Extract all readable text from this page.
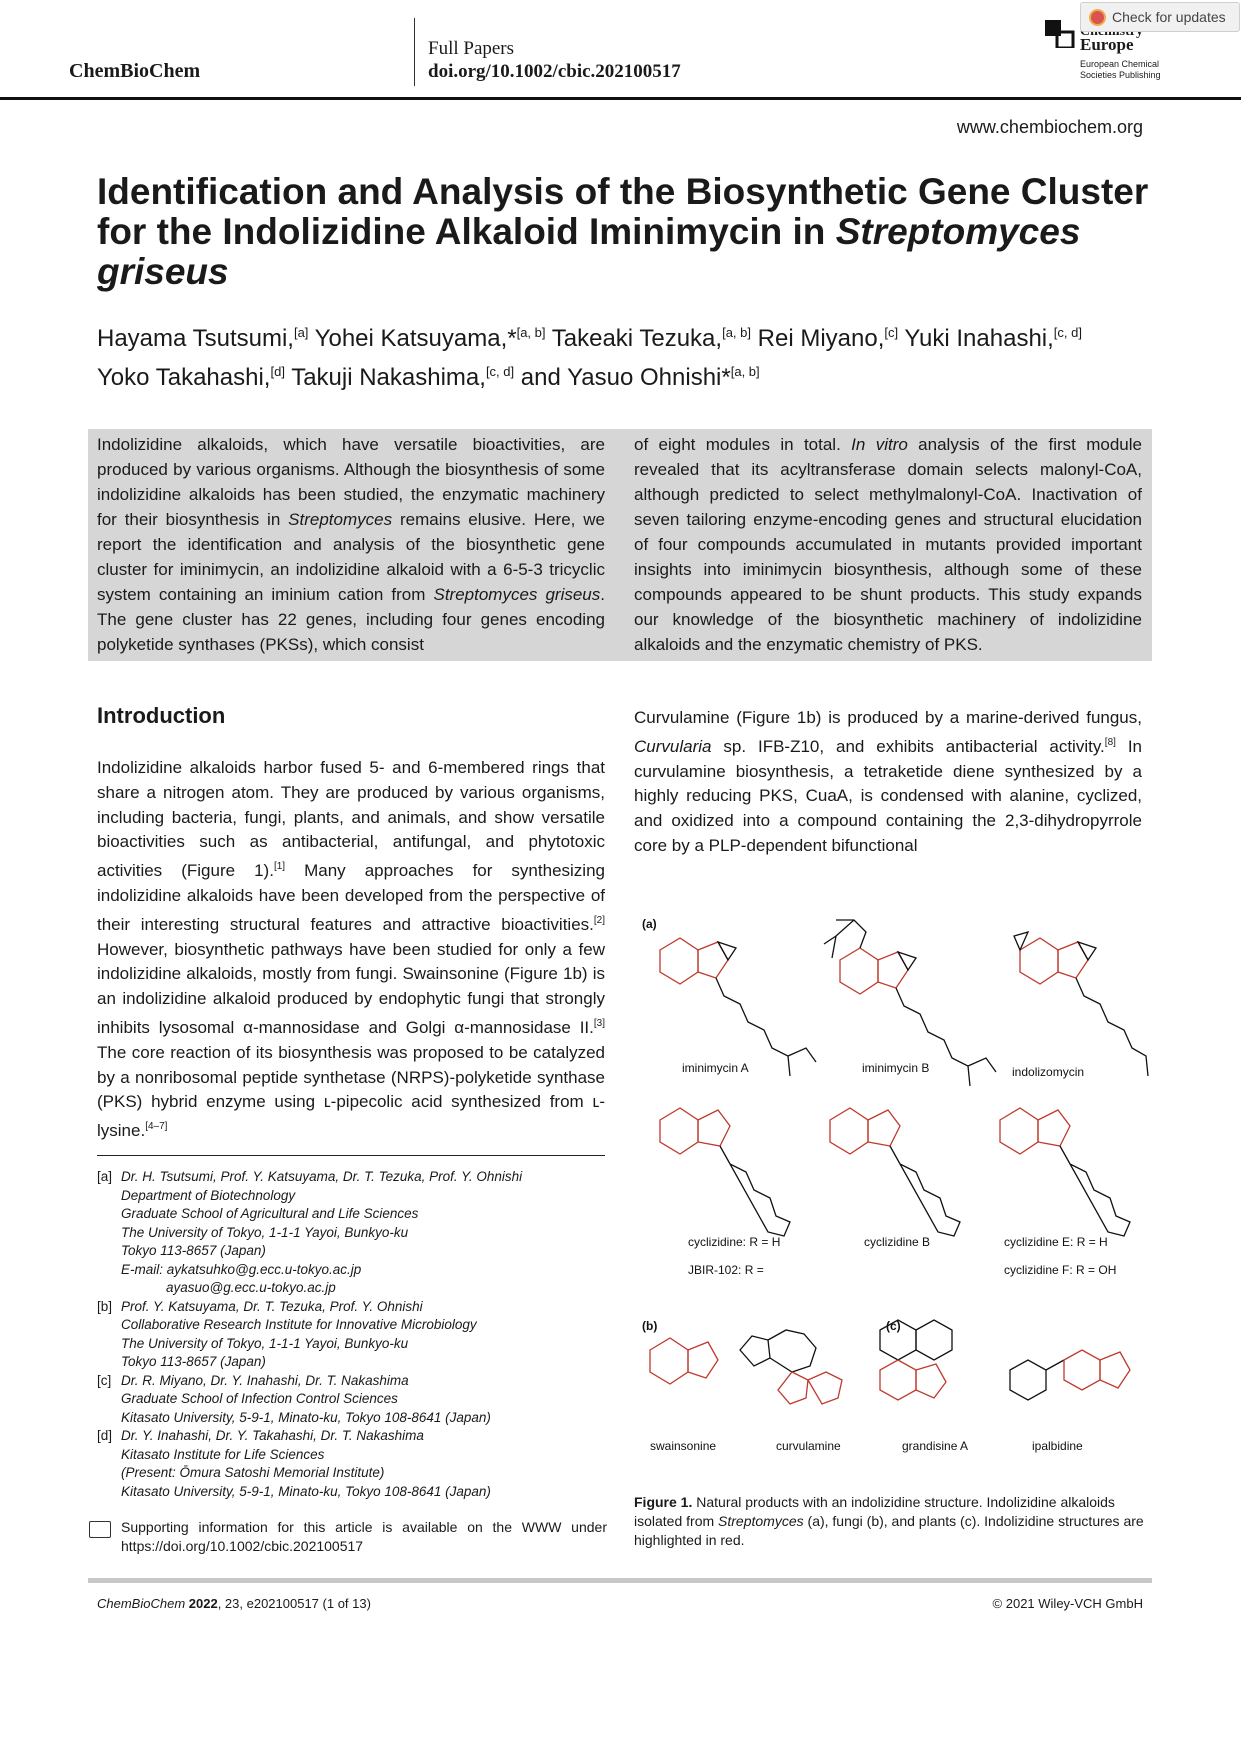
ChemBioChem
Full Papers
doi.org/10.1002/cbic.202100517
Europe
European Chemical
Societies Publishing
Check for updates
www.chembiochem.org
Identification and Analysis of the Biosynthetic Gene Cluster for the Indolizidine Alkaloid Iminimycin in Streptomyces griseus
Hayama Tsutsumi,[a] Yohei Katsuyama,*[a, b] Takeaki Tezuka,[a, b] Rei Miyano,[c] Yuki Inahashi,[c, d]
Yoko Takahashi,[d] Takuji Nakashima,[c, d] and Yasuo Ohnishi*[a, b]
Indolizidine alkaloids, which have versatile bioactivities, are produced by various organisms. Although the biosynthesis of some indolizidine alkaloids has been studied, the enzymatic machinery for their biosynthesis in Streptomyces remains elusive. Here, we report the identification and analysis of the biosynthetic gene cluster for iminimycin, an indolizidine alkaloid with a 6-5-3 tricyclic system containing an iminium cation from Streptomyces griseus. The gene cluster has 22 genes, including four genes encoding polyketide synthases (PKSs), which consist
of eight modules in total. In vitro analysis of the first module revealed that its acyltransferase domain selects malonyl-CoA, although predicted to select methylmalonyl-CoA. Inactivation of seven tailoring enzyme-encoding genes and structural elucidation of four compounds accumulated in mutants provided important insights into iminimycin biosynthesis, although some of these compounds appeared to be shunt products. This study expands our knowledge of the biosynthetic machinery of indolizidine alkaloids and the enzymatic chemistry of PKS.
Introduction
Indolizidine alkaloids harbor fused 5- and 6-membered rings that share a nitrogen atom. They are produced by various organisms, including bacteria, fungi, plants, and animals, and show versatile bioactivities such as antibacterial, antifungal, and phytotoxic activities (Figure 1).[1] Many approaches for synthesizing indolizidine alkaloids have been developed from the perspective of their interesting structural features and attractive bioactivities.[2] However, biosynthetic pathways have been studied for only a few indolizidine alkaloids, mostly from fungi. Swainsonine (Figure 1b) is an indolizidine alkaloid produced by endophytic fungi that strongly inhibits lysosomal α-mannosidase and Golgi α-mannosidase II.[3] The core reaction of its biosynthesis was proposed to be catalyzed by a nonribosomal peptide synthetase (NRPS)-polyketide synthase (PKS) hybrid enzyme using ʟ-pipecolic acid synthesized from ʟ-lysine.[4–7]
Curvulamine (Figure 1b) is produced by a marine-derived fungus, Curvularia sp. IFB-Z10, and exhibits antibacterial activity.[8] In curvulamine biosynthesis, a tetraketide diene synthesized by a highly reducing PKS, CuaA, is condensed with alanine, cyclized, and oxidized into a compound containing the 2,3-dihydropyrrole core by a PLP-dependent bifunctional
[a] Dr. H. Tsutsumi, Prof. Y. Katsuyama, Dr. T. Tezuka, Prof. Y. Ohnishi
Department of Biotechnology
Graduate School of Agricultural and Life Sciences
The University of Tokyo, 1-1-1 Yayoi, Bunkyo-ku
Tokyo 113-8657 (Japan)
E-mail: aykatsuhko@g.ecc.u-tokyo.ac.jp
ayasuo@g.ecc.u-tokyo.ac.jp
[b] Prof. Y. Katsuyama, Dr. T. Tezuka, Prof. Y. Ohnishi
Collaborative Research Institute for Innovative Microbiology
The University of Tokyo, 1-1-1 Yayoi, Bunkyo-ku
Tokyo 113-8657 (Japan)
[c] Dr. R. Miyano, Dr. Y. Inahashi, Dr. T. Nakashima
Graduate School of Infection Control Sciences
Kitasato University, 5-9-1, Minato-ku, Tokyo 108-8641 (Japan)
[d] Dr. Y. Inahashi, Dr. Y. Takahashi, Dr. T. Nakashima
Kitasato Institute for Life Sciences
(Present: Ōmura Satoshi Memorial Institute)
Kitasato University, 5-9-1, Minato-ku, Tokyo 108-8641 (Japan)
Supporting information for this article is available on the WWW under https://doi.org/10.1002/cbic.202100517
(a)
iminimycin A	iminimycin B	indolizomycin
cyclizidine: R = H
JBIR-102: R =
cyclizidine B	cyclizidine E: R = H
cyclizidine F: R = OH
(b)	(c)
swainsonine	curvulamine	grandisine A	ipalbidine
Figure 1. Natural products with an indolizidine structure. Indolizidine alkaloids isolated from Streptomyces (a), fungi (b), and plants (c). Indolizidine structures are highlighted in red.
ChemBioChem 2022, 23, e202100517 (1 of 13)	© 2021 Wiley-VCH GmbH
